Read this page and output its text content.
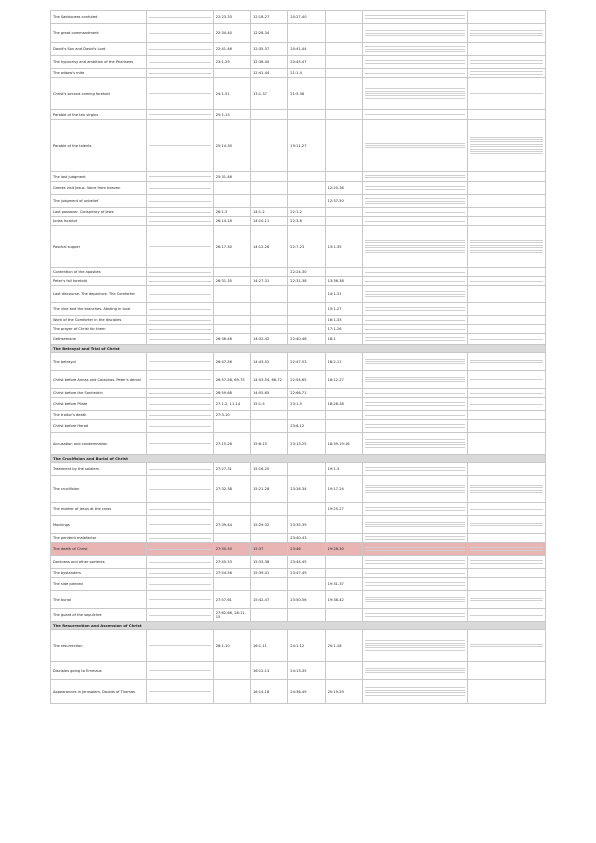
The Sadducees confuted		22:23-33	12:18-27	20:27-40		

The great commandment		22:34-40	12:28-34			

David's Son and David's Lord		22:41-46	12:35-37	20:41-44		

The hypocrisy and ambition of the Pharisees		23:1-29	12:38-40	20:45-47		

The widow's mite			12:41-44	21:1-4		

Christ's second coming foretold		24:1-51	13:1-37	21:5-36		

Parable of the ten virgins		25:1-13				

Parable of the talents		25:14-30		19:11-27		

The last judgment		25:31-46				

Greeks visit Jesus. Voice from heaven					12:20-36	

The judgment of unbelief					12:37-50	

Last passover. Conspiracy of Jews		26:1-5	14:1-2	22:1-2		

Judas Iscariot		26:14-16	14:10-11	22:3-6		

Paschal supper		26:17-30	14:12-26	22:7-23	13:1-35	

Contention of the apostles				22:24-30		

Peter's fall foretold		26:31-35	14:27-31	22:31-38	13:36-38	

Last discourse. The departure. The Comforter					14:1-31	

The vine and the branches. Abiding in love					15:1-27	

Work of the Comforter in the disciples					16:1-33	

The prayer of Christ for them					17:1-26	

Gethsemane		26:36-46	14:32-42	22:40-46	18:1	

The Betrayal and Trial of Christ							
The betrayal		26:47-56	14:43-52	22:47-53	18:2-11	

Christ before Annas and Caiaphas. Peter's denial		26:57-58, 69-75	14:53-54, 66-72	22:54-65	18:12-27	

Christ before the Sanhedrin		26:59-68	14:55-65	22:66-71		

Christ before Pilate		27:1-2, 11-14	15:1-5	23:1-5	18:28-38	

The traitor's death		27:3-10				

Christ before Herod				23:6-12		

Accusation and condemnation		27:15-26	15:6-15	23:13-25	18:39-19:16	

The Crucifixion and Burial of Christ							
Treatment by the soldiers		27:27-31	15:16-20		19:1-3	

The crucifixion		27:32-38	15:21-28	23:26-34	19:17-24	

The mother of Jesus at the cross					19:25-27	

Mockings		27:39-44	15:29-32	23:35-39		

The penitent malefactor				23:40-43		

The death of Christ		27:50-50	15:37	23:46	19:28-30	

Darkness and other portents		27:45-53	15:33-38	23:44-45		

The bystanders		27:54-56	15:39-41	23:47-49		

The side pierced					19:31-37	

The burial		27:57-61	15:42-47	23:50-56	19:38-42	

The guard of the sepulchre		27:62-66, 28:11-15				

The Resurrection and Ascension of Christ							
The resurrection		28:1-10	16:1-11	24:1-12	20:1-18	

Disciples going to Emmaus			16:12-13	24:13-35		

Appearances in Jerusalem. Doubts of Thomas			16:14-18	24:36-49	20:19-29	
